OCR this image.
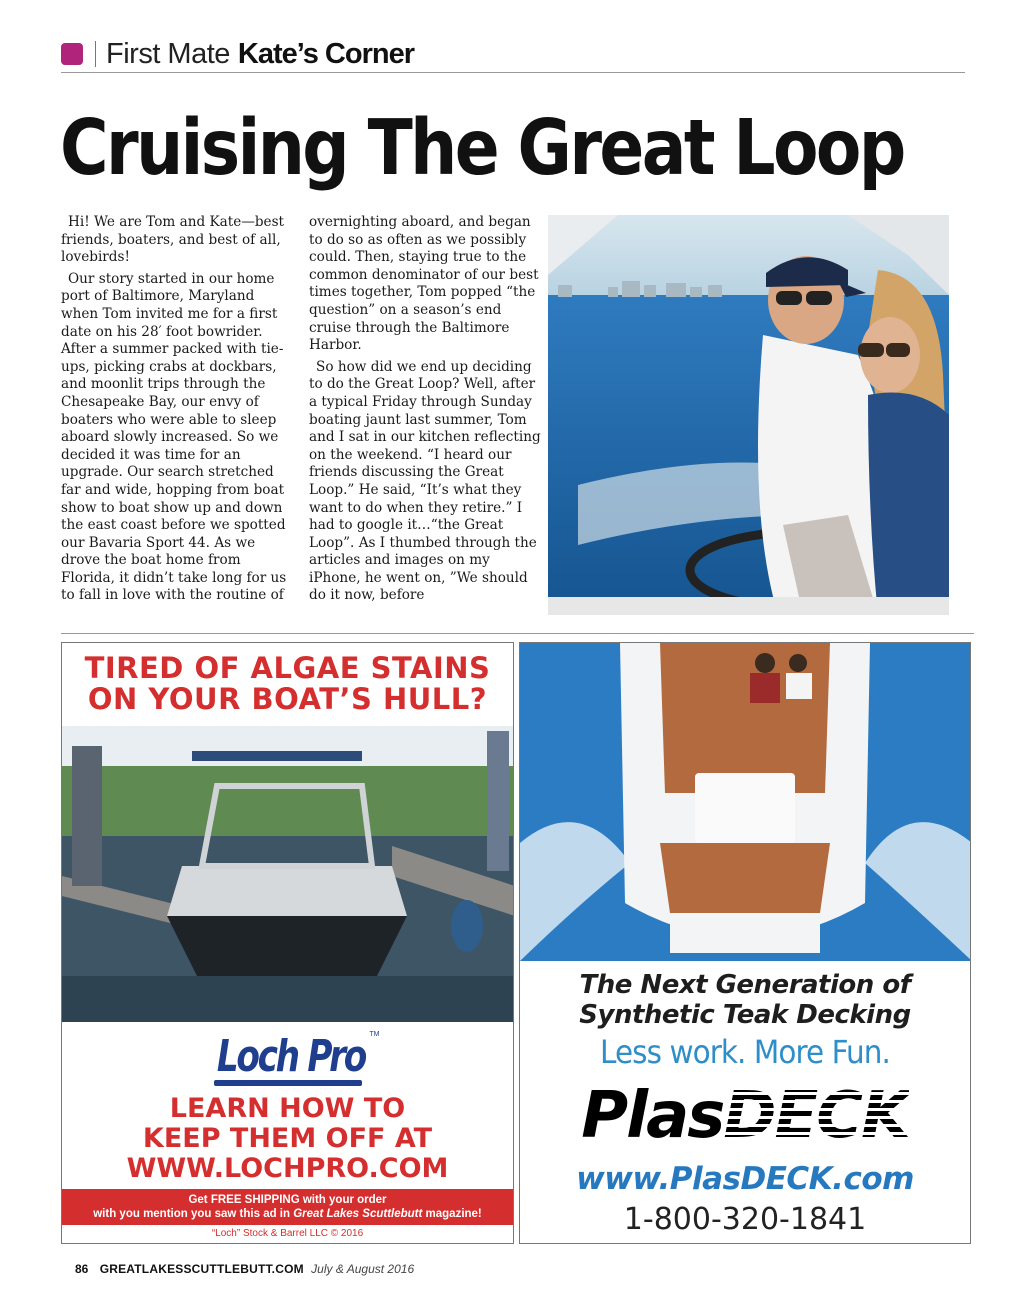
First Mate Kate’s Corner
Cruising The Great Loop

Hi! We are Tom and Kate—best friends, boaters, and best of all, lovebirds!

Our story started in our home port of Baltimore, Maryland when Tom invited me for a first date on his 28′ foot bowrider. After a summer packed with tie-ups, picking crabs at dockbars, and moonlit trips through the Chesapeake Bay, our envy of boaters who were able to sleep aboard slowly increased. So we decided it was time for an upgrade. Our search stretched far and wide, hopping from boat show to boat show up and down the east coast before we spotted our Bavaria Sport 44. As we drove the boat home from Florida, it didn’t take long for us to fall in love with the routine of

overnighting aboard, and began to do so as often as we possibly could. Then, staying true to the common denominator of our best times together, Tom popped “the question” on a season’s end cruise through the Baltimore Harbor.

So how did we end up deciding to do the Great Loop? Well, after a typical Friday through Sunday boating jaunt last summer, Tom and I sat in our kitchen reflecting on the weekend. “I heard our friends discussing the Great Loop.” He said, “It’s what they want to do when they retire.” I had to google it…“the Great Loop”. As I thumbed through the articles and images on my iPhone, he went on, ”We should do it now, before

TIRED OF ALGAE STAINS
ON YOUR BOAT’S HULL?
Loch Pro ™
LEARN HOW TO
KEEP THEM OFF AT
WWW.LOCHPRO.COM
Get FREE SHIPPING with your order
with you mention you saw this ad in Great Lakes Scuttlebutt magazine!
“Loch” Stock & Barrel LLC © 2016
The Next Generation of
Synthetic Teak Decking
Less work. More Fun.
PlasDECK
www.PlasDECK.com
1-800-320-1841
86 GREATLAKESSCUTTLEBUTT.COM July & August 2016
